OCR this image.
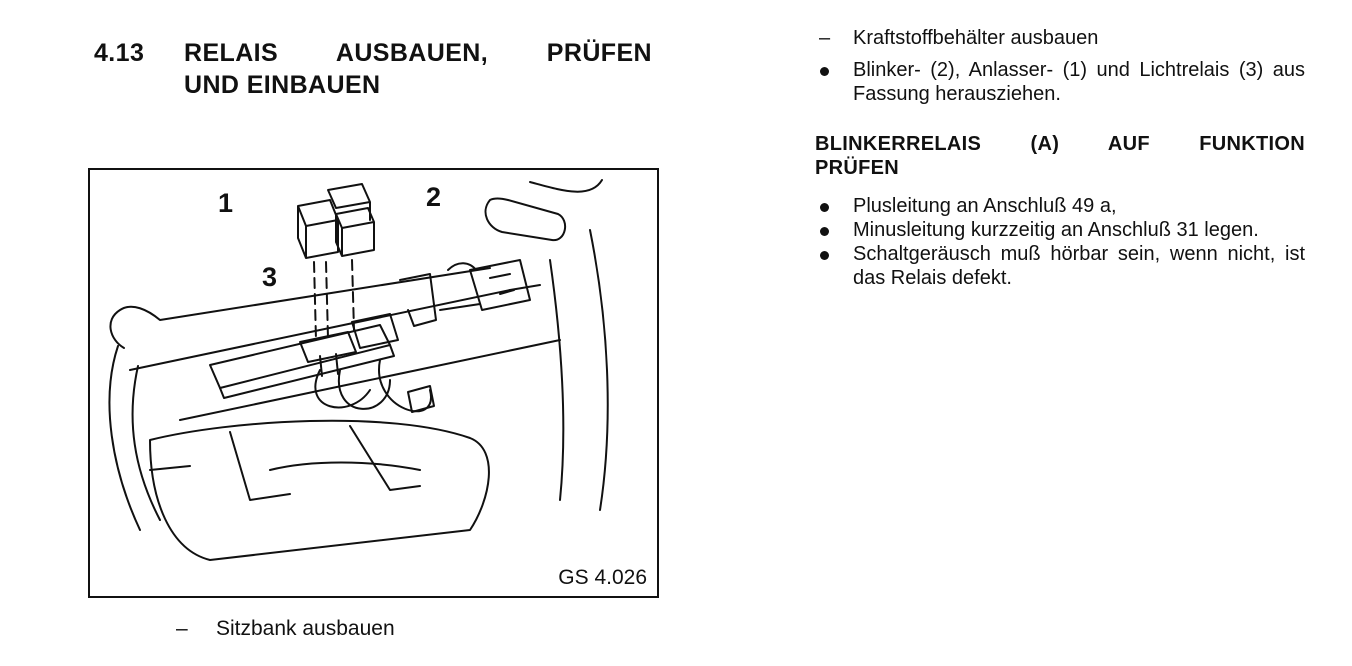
4.13 RELAIS AUSBAUEN, PRÜFEN
UND EINBAUEN
1	2
3
GS 4.026
– Sitzbank ausbauen
–	Kraftstoffbehälter ausbauen
Blinker- (2), Anlasser- (1) und Lichtrelais (3) aus Fassung herausziehen.
BLINKERRELAIS (A) AUF FUNKTION
PRÜFEN
Plusleitung an Anschluß 49 a,
Minusleitung kurzzeitig an Anschluß 31 legen.
Schaltgeräusch muß hörbar sein, wenn nicht, ist das Relais defekt.
